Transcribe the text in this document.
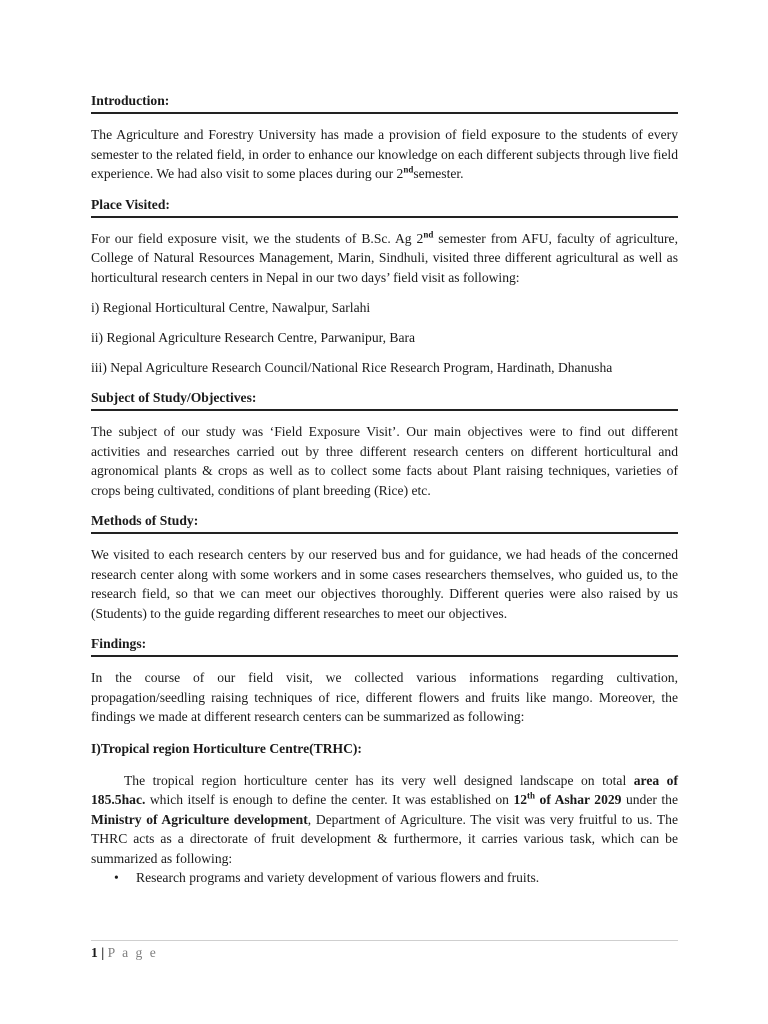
Introduction:

The Agriculture and Forestry University has made a provision of field exposure to the students of every semester to the related field, in order to enhance our knowledge on each different subjects through live field experience. We had also visit to some places during our 2ndsemester.

Place Visited:

For our field exposure visit, we the students of B.Sc. Ag 2nd semester from AFU, faculty of agriculture, College of Natural Resources Management, Marin, Sindhuli, visited three different agricultural as well as horticultural research centers in Nepal in our two days’ field visit as following:

i) Regional Horticultural Centre, Nawalpur, Sarlahi

ii) Regional Agriculture Research Centre, Parwanipur, Bara

iii) Nepal Agriculture Research Council/National Rice Research Program, Hardinath, Dhanusha

Subject of Study/Objectives:

The subject of our study was ‘Field Exposure Visit’. Our main objectives were to find out different activities and researches carried out by three different research centers on different horticultural and agronomical plants & crops as well as to collect some facts about Plant raising techniques, varieties of crops being cultivated, conditions of plant breeding (Rice) etc.

Methods of Study:

We visited to each research centers by our reserved bus and for guidance, we had heads of the concerned research center along with some workers and in some cases researchers themselves, who guided us, to the research field, so that we can meet our objectives thoroughly. Different queries were also raised by us (Students) to the guide regarding different researches to meet our objectives.

Findings:

In the course of our field visit, we collected various informations regarding cultivation, propagation/seedling raising techniques of rice, different flowers and fruits like mango. Moreover, the findings we made at different research centers can be summarized as following:

I)Tropical region Horticulture Centre(TRHC):

The tropical region horticulture center has its very well designed landscape on total area of 185.5hac. which itself is enough to define the center. It was established on 12th of Ashar 2029 under the Ministry of Agriculture development, Department of Agriculture. The visit was very fruitful to us. The THRC acts as a directorate of fruit development & furthermore, it carries various task, which can be summarized as following:

• Research programs and variety development of various flowers and fruits.
1 | P a g e
